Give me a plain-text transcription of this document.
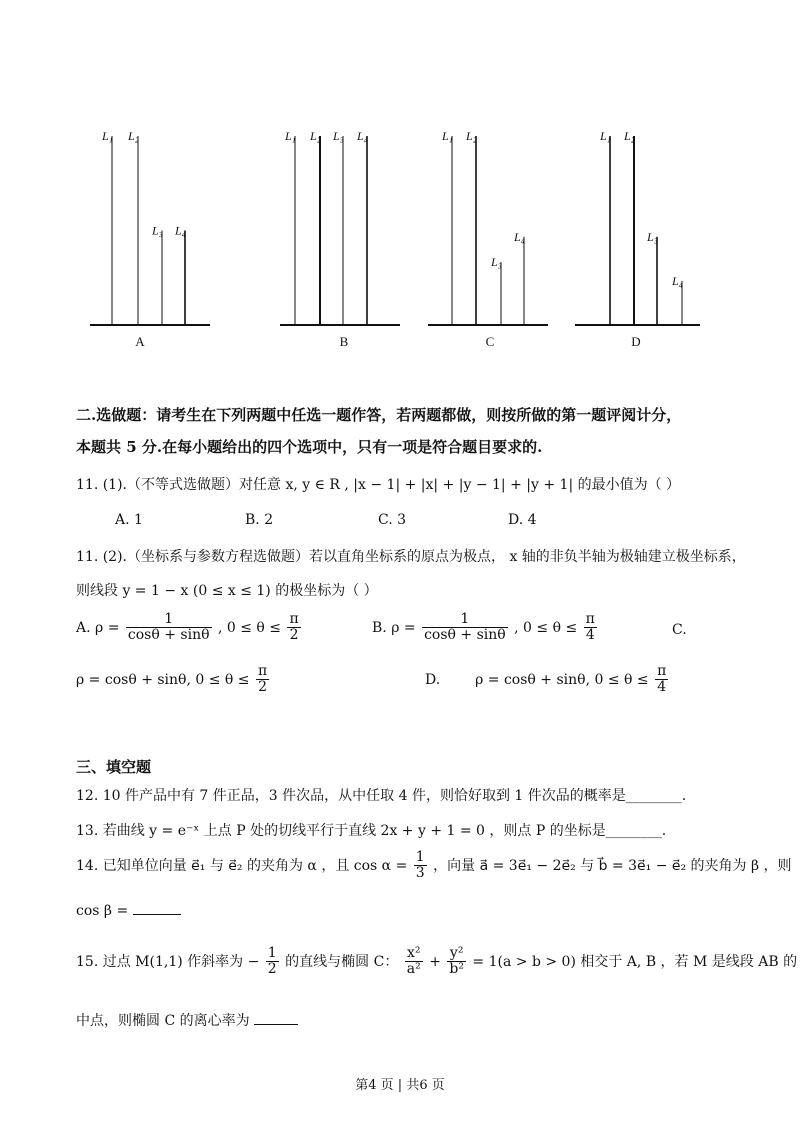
L₁ L₂
L₃ L₄
A
L₁ L₂ L₃ L₄
B
L₁ L₂
L₃
L₄
C
L₁ L₂
L₃
L₄
D
二.选做题：请考生在下列两题中任选一题作答，若两题都做，则按所做的第一题评阅计分，
本题共 5 分.在每小题给出的四个选项中，只有一项是符合题目要求的.
11. (1).（不等式选做题）对任意 x, y ∈ R , |x − 1| + |x| + |y − 1| + |y + 1| 的最小值为（ ）
A. 1	B. 2	C. 3	D. 4
11. (2).（坐标系与参数方程选做题）若以直角坐标系的原点为极点， x 轴的非负半轴为极轴建立极坐标系，
则线段 y = 1 − x (0 ≤ x ≤ 1) 的极坐标为（ ）
A. $\rho = \frac{1}{\cos\theta + \sin\theta}$ , $0 \le \theta \le \frac{\pi}{2}$	B. $\rho = \frac{1}{\cos\theta + \sin\theta}$ , $0 \le \theta \le \frac{\pi}{4}$	C.
ρ = cosθ + sinθ, $0 \le \theta \le \frac{\pi}{2}$	D. ρ = cosθ + sinθ, $0 \le \theta \le \frac{\pi}{4}$
三、填空题
12. 10 件产品中有 7 件正品，3 件次品，从中任取 4 件，则恰好取到 1 件次品的概率是________.
13. 若曲线 y = e⁻ˣ 上点 P 处的切线平行于直线 2x + y + 1 = 0 ，则点 P 的坐标是________.
14. 已知单位向量 e⃗₁ 与 e⃗₂ 的夹角为 α ，且 $\cos \alpha = \frac{1}{3}$ ，向量 a⃗ = 3e⃗₁ − 2e⃗₂ 与 b⃗ = 3e⃗₁ − e⃗₂ 的夹角为 β ，则
cos β =
15. 过点 M(1,1) 作斜率为 − $\frac{1}{2}$ 的直线与椭圆 C： $\frac{\text{x²}}{\text{a²}} + \frac{\text{y²}}{\text{b²}} = 1(a > b > 0)$ 相交于 A, B ，若 M 是线段 AB 的
中点，则椭圆 C 的离心率为
第4 页 | 共6 页
